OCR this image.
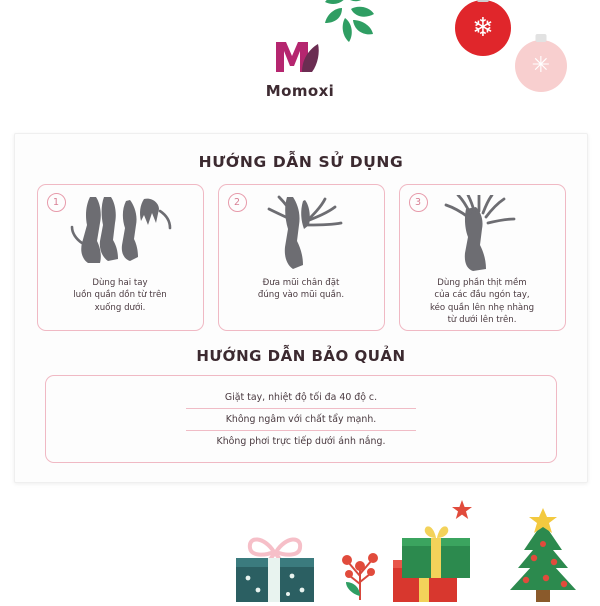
❄
✳
Momoxi
HƯỚNG DẪN SỬ DỤNG
1
Dùng hai tay
luồn quần dồn từ trên
xuống dưới.
2
Đưa mũi chân đặt
đúng vào mũi quần.
3
Dùng phần thịt mềm
của các đầu ngón tay,
kéo quần lên nhẹ nhàng
từ dưới lên trên.
HƯỚNG DẪN BẢO QUẢN
Giặt tay, nhiệt độ tối đa 40 độ c.
Không ngâm với chất tẩy mạnh.
Không phơi trực tiếp dưới ánh nắng.
